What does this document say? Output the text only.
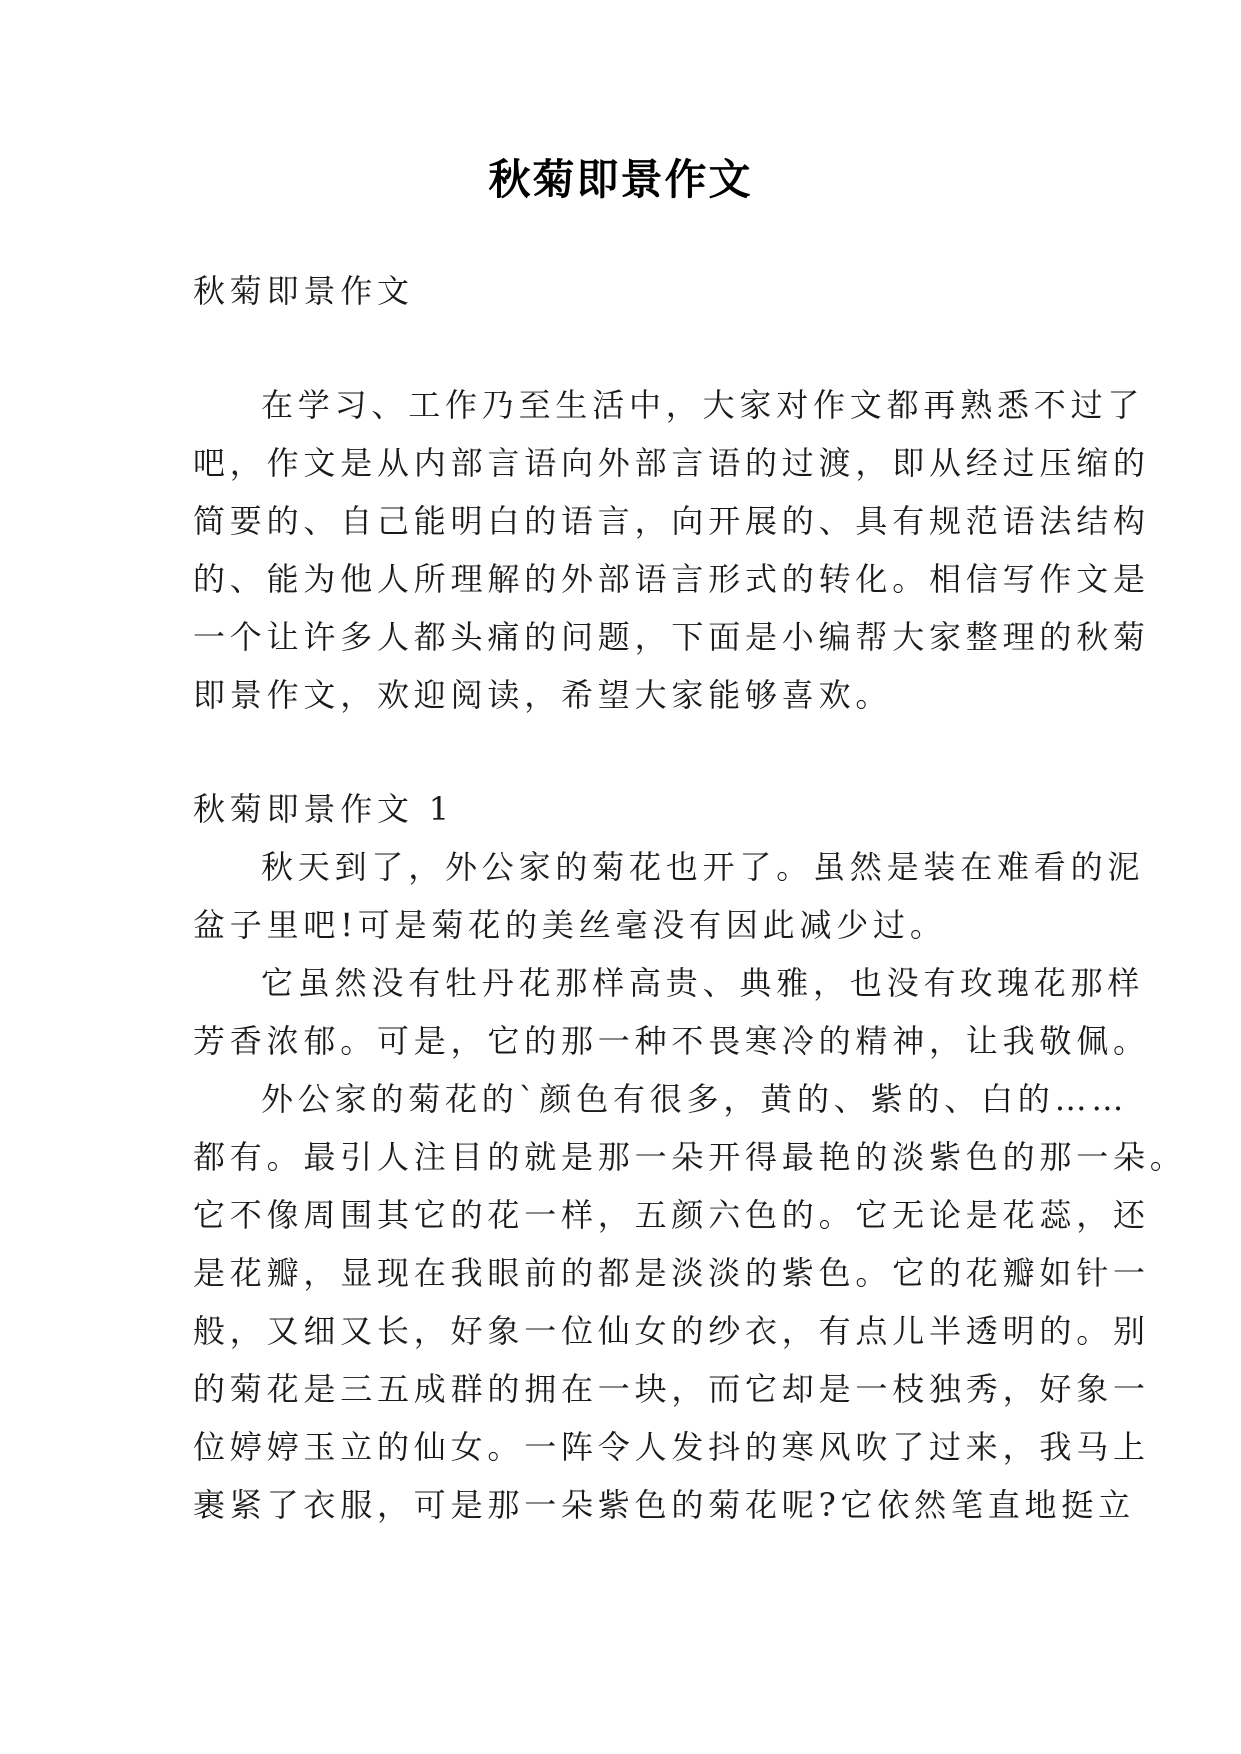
秋菊即景作文

秋菊即景作文

在学习、工作乃至生活中，大家对作文都再熟悉不过了

吧，作文是从内部言语向外部言语的过渡，即从经过压缩的

简要的、自己能明白的语言，向开展的、具有规范语法结构

的、能为他人所理解的外部语言形式的转化。相信写作文是

一个让许多人都头痛的问题，下面是小编帮大家整理的秋菊

即景作文，欢迎阅读，希望大家能够喜欢。

秋菊即景作文 1

秋天到了，外公家的菊花也开了。虽然是装在难看的泥

盆子里吧!可是菊花的美丝毫没有因此减少过。

它虽然没有牡丹花那样高贵、典雅，也没有玫瑰花那样

芳香浓郁。可是，它的那一种不畏寒冷的精神，让我敬佩。

外公家的菊花的`颜色有很多，黄的、紫的、白的……

都有。最引人注目的就是那一朵开得最艳的淡紫色的那一朵。

它不像周围其它的花一样，五颜六色的。它无论是花蕊，还

是花瓣，显现在我眼前的都是淡淡的紫色。它的花瓣如针一

般，又细又长，好象一位仙女的纱衣，有点儿半透明的。别

的菊花是三五成群的拥在一块，而它却是一枝独秀，好象一

位婷婷玉立的仙女。一阵令人发抖的寒风吹了过来，我马上

裹紧了衣服，可是那一朵紫色的菊花呢?它依然笔直地挺立
